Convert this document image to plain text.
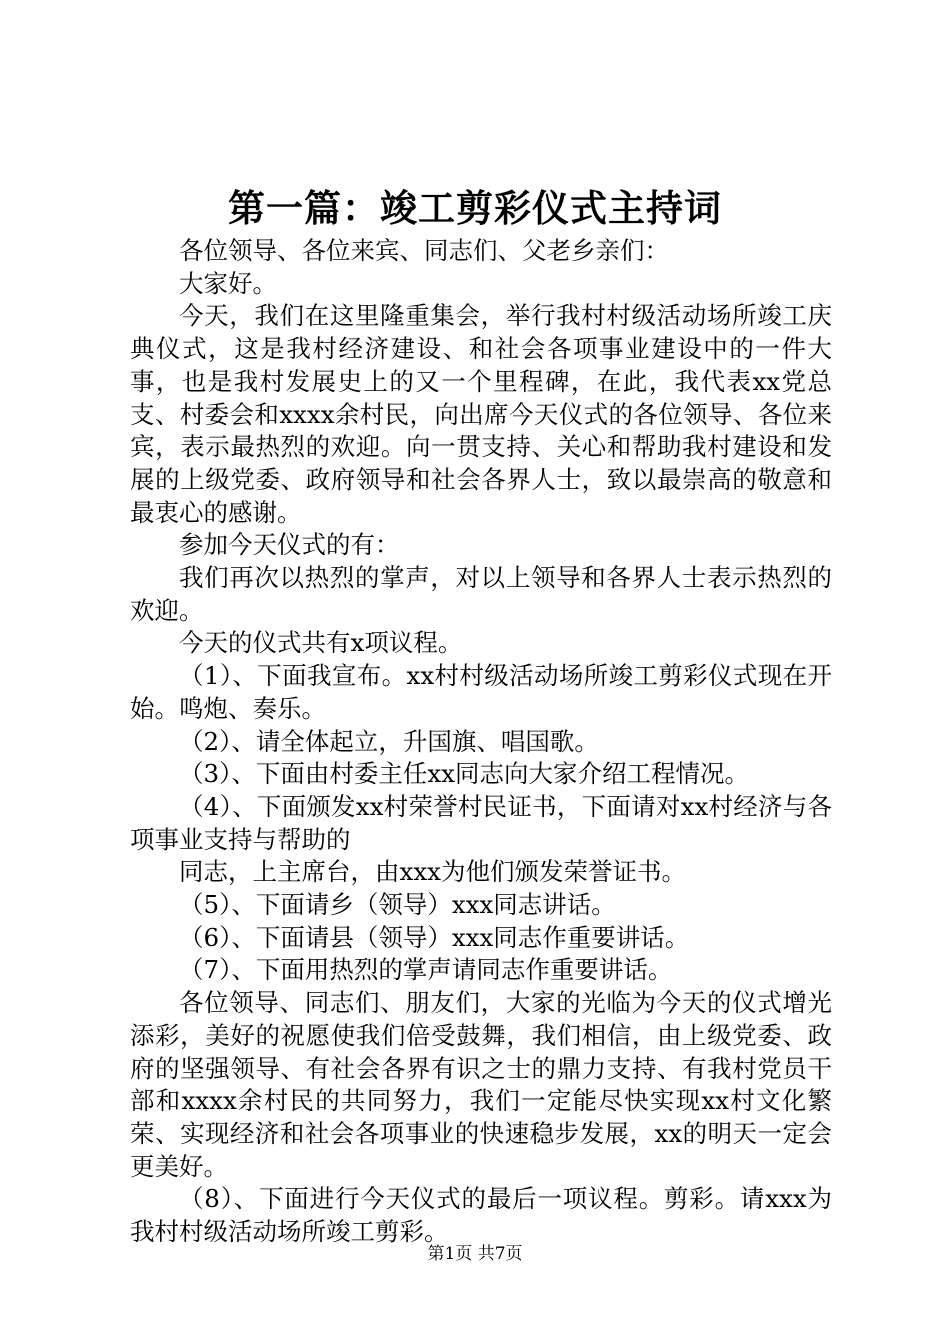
第一篇：竣工剪彩仪式主持词

各位领导、各位来宾、同志们、父老乡亲们：

大家好。

今天，我们在这里隆重集会，举行我村村级活动场所竣工庆典仪式，这是我村经济建设、和社会各项事业建设中的一件大事，也是我村发展史上的又一个里程碑，在此，我代表xx党总支、村委会和xxxx余村民，向出席今天仪式的各位领导、各位来宾，表示最热烈的欢迎。向一贯支持、关心和帮助我村建设和发展的上级党委、政府领导和社会各界人士，致以最崇高的敬意和最衷心的感谢。

参加今天仪式的有：

我们再次以热烈的掌声，对以上领导和各界人士表示热烈的欢迎。

今天的仪式共有x项议程。

（1）、下面我宣布。xx村村级活动场所竣工剪彩仪式现在开始。鸣炮、奏乐。

（2）、请全体起立，升国旗、唱国歌。

（3）、下面由村委主任xx同志向大家介绍工程情况。

（4）、下面颁发xx村荣誉村民证书，下面请对xx村经济与各项事业支持与帮助的

同志，上主席台，由xxx为他们颁发荣誉证书。

（5）、下面请乡（领导）xxx同志讲话。

（6）、下面请县（领导）xxx同志作重要讲话。

（7）、下面用热烈的掌声请同志作重要讲话。

各位领导、同志们、朋友们，大家的光临为今天的仪式增光添彩，美好的祝愿使我们倍受鼓舞，我们相信，由上级党委、政府的坚强领导、有社会各界有识之士的鼎力支持、有我村党员干部和xxxx余村民的共同努力，我们一定能尽快实现xx村文化繁荣、实现经济和社会各项事业的快速稳步发展，xx的明天一定会更美好。

（8）、下面进行今天仪式的最后一项议程。剪彩。请xxx为我村村级活动场所竣工剪彩。

第1页 共7页
